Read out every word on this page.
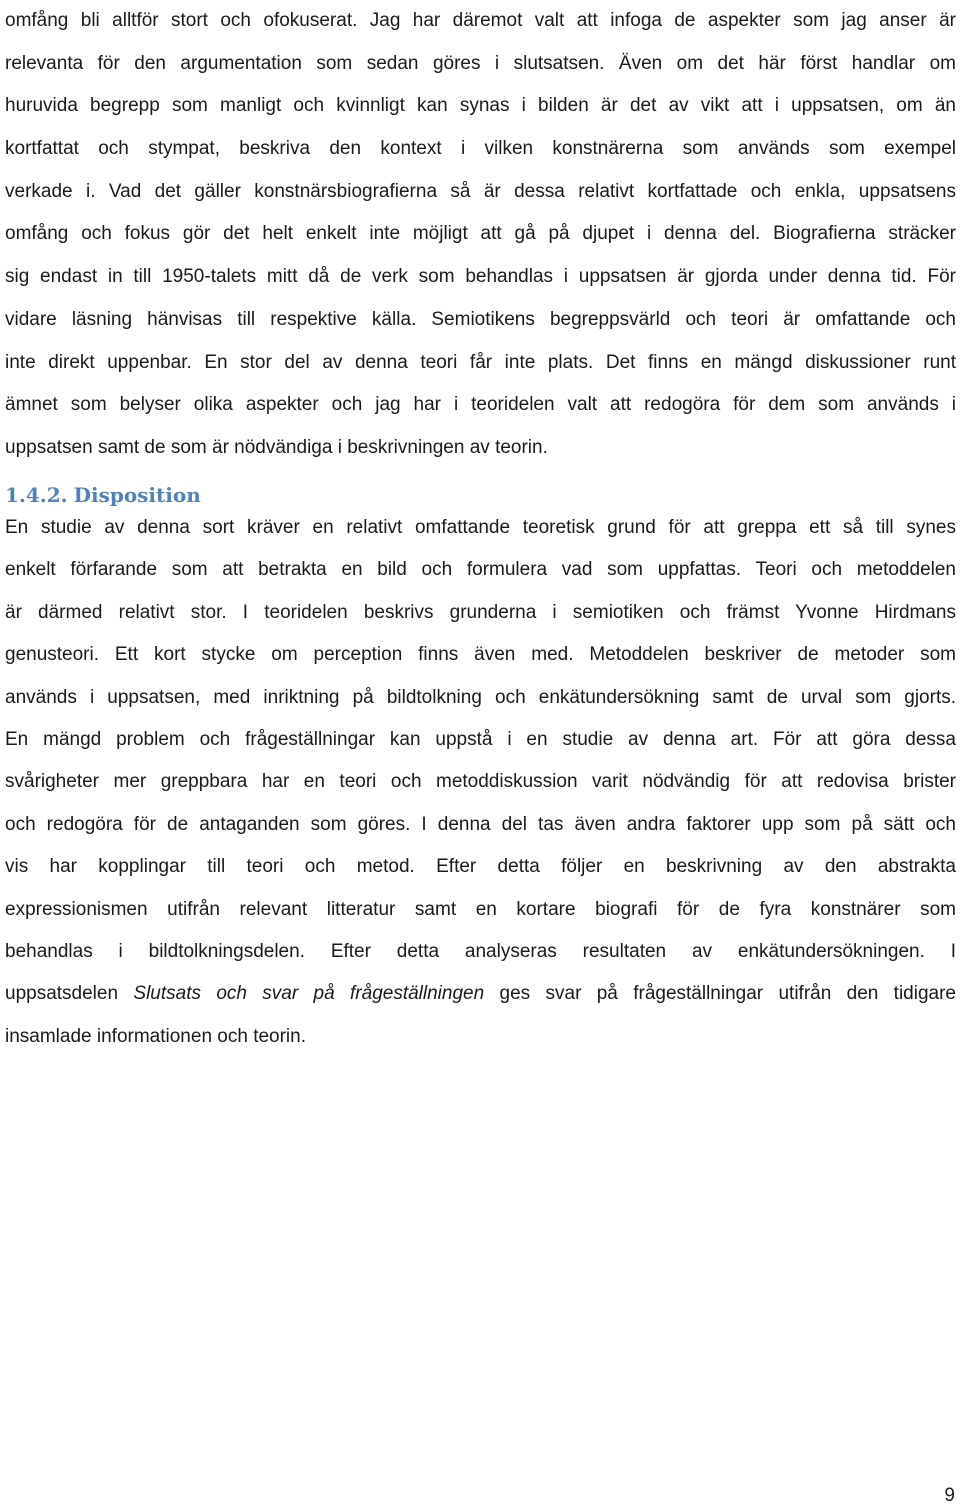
omfång bli alltför stort och ofokuserat. Jag har däremot valt att infoga de aspekter som jag anser är
relevanta för den argumentation som sedan göres i slutsatsen. Även om det här först handlar om
huruvida begrepp som manligt och kvinnligt kan synas i bilden är det av vikt att i uppsatsen, om än
kortfattat och stympat, beskriva den kontext i vilken konstnärerna som används som exempel
verkade i. Vad det gäller konstnärsbiografierna så är dessa relativt kortfattade och enkla, uppsatsens
omfång och fokus gör det helt enkelt inte möjligt att gå på djupet i denna del. Biografierna sträcker
sig endast in till 1950-talets mitt då de verk som behandlas i uppsatsen är gjorda under denna tid. För
vidare läsning hänvisas till respektive källa. Semiotikens begreppsvärld och teori är omfattande och
inte direkt uppenbar. En stor del av denna teori får inte plats. Det finns en mängd diskussioner runt
ämnet som belyser olika aspekter och jag har i teoridelen valt att redogöra för dem som används i
uppsatsen samt de som är nödvändiga i beskrivningen av teorin.
1.4.2. Disposition
En studie av denna sort kräver en relativt omfattande teoretisk grund för att greppa ett så till synes
enkelt förfarande som att betrakta en bild och formulera vad som uppfattas. Teori och metoddelen
är därmed relativt stor. I teoridelen beskrivs grunderna i semiotiken och främst Yvonne Hirdmans
genusteori. Ett kort stycke om perception finns även med. Metoddelen beskriver de metoder som
används i uppsatsen, med inriktning på bildtolkning och enkätundersökning samt de urval som gjorts.
En mängd problem och frågeställningar kan uppstå i en studie av denna art. För att göra dessa
svårigheter mer greppbara har en teori och metoddiskussion varit nödvändig för att redovisa brister
och redogöra för de antaganden som göres. I denna del tas även andra faktorer upp som på sätt och
vis har kopplingar till teori och metod. Efter detta följer en beskrivning av den abstrakta
expressionismen utifrån relevant litteratur samt en kortare biografi för de fyra konstnärer som
behandlas i bildtolkningsdelen. Efter detta analyseras resultaten av enkätundersökningen. I
uppsatsdelen Slutsats och svar på frågeställningen ges svar på frågeställningar utifrån den tidigare
insamlade informationen och teorin.
9
